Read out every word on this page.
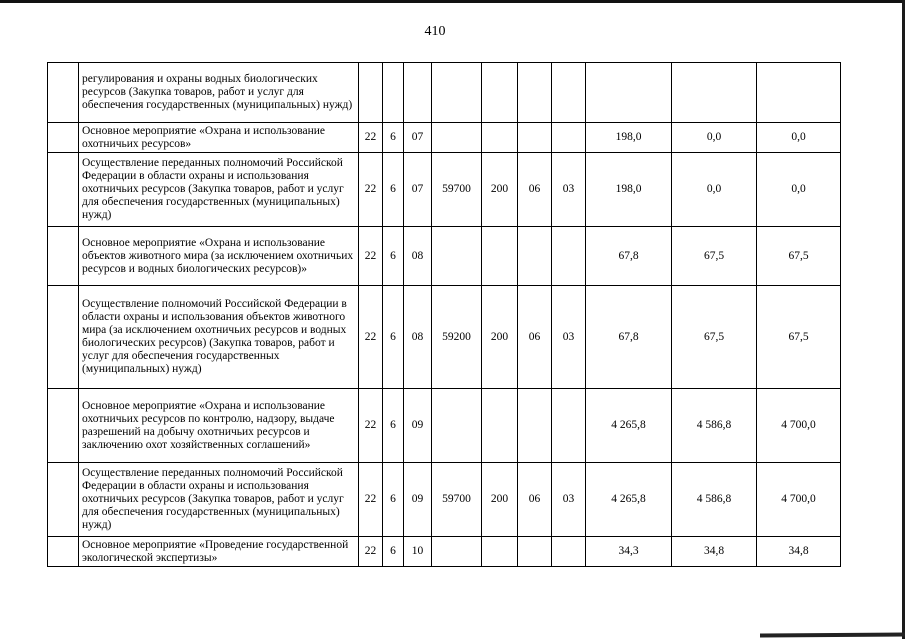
410
	регулирования и охраны водных биологических ресурсов (Закупка товаров, работ и услуг для обеспечения государственных (муниципальных) нужд)										
	Основное мероприятие «Охрана и использование охотничьих ресурсов»	22	6	07					198,0	0,0	0,0
	Осуществление переданных полномочий Российской Федерации в области охраны и использования охотничьих ресурсов (Закупка товаров, работ и услуг для обеспечения государственных (муниципальных) нужд)	22	6	07	59700	200	06	03	198,0	0,0	0,0
	Основное мероприятие «Охрана и использование объектов животного мира (за исключением охотничьих ресурсов и водных биологических ресурсов)»	22	6	08					67,8	67,5	67,5
	Осуществление полномочий Российской Федерации в области охраны и использования объектов животного мира (за исключением охотничьих ресурсов и водных биологических ресурсов) (Закупка товаров, работ и услуг для обеспечения государственных (муниципальных) нужд)	22	6	08	59200	200	06	03	67,8	67,5	67,5
	Основное мероприятие «Охрана и использование охотничьих ресурсов по контролю, надзору, выдаче разрешений на добычу охотничьих ресурсов и заключению охот хозяйственных соглашений»	22	6	09					4 265,8	4 586,8	4 700,0
	Осуществление переданных полномочий Российской Федерации в области охраны и использования охотничьих ресурсов (Закупка товаров, работ и услуг для обеспечения государственных (муниципальных) нужд)	22	6	09	59700	200	06	03	4 265,8	4 586,8	4 700,0
	Основное мероприятие «Проведение государственной экологической экспертизы»	22	6	10					34,3	34,8	34,8
